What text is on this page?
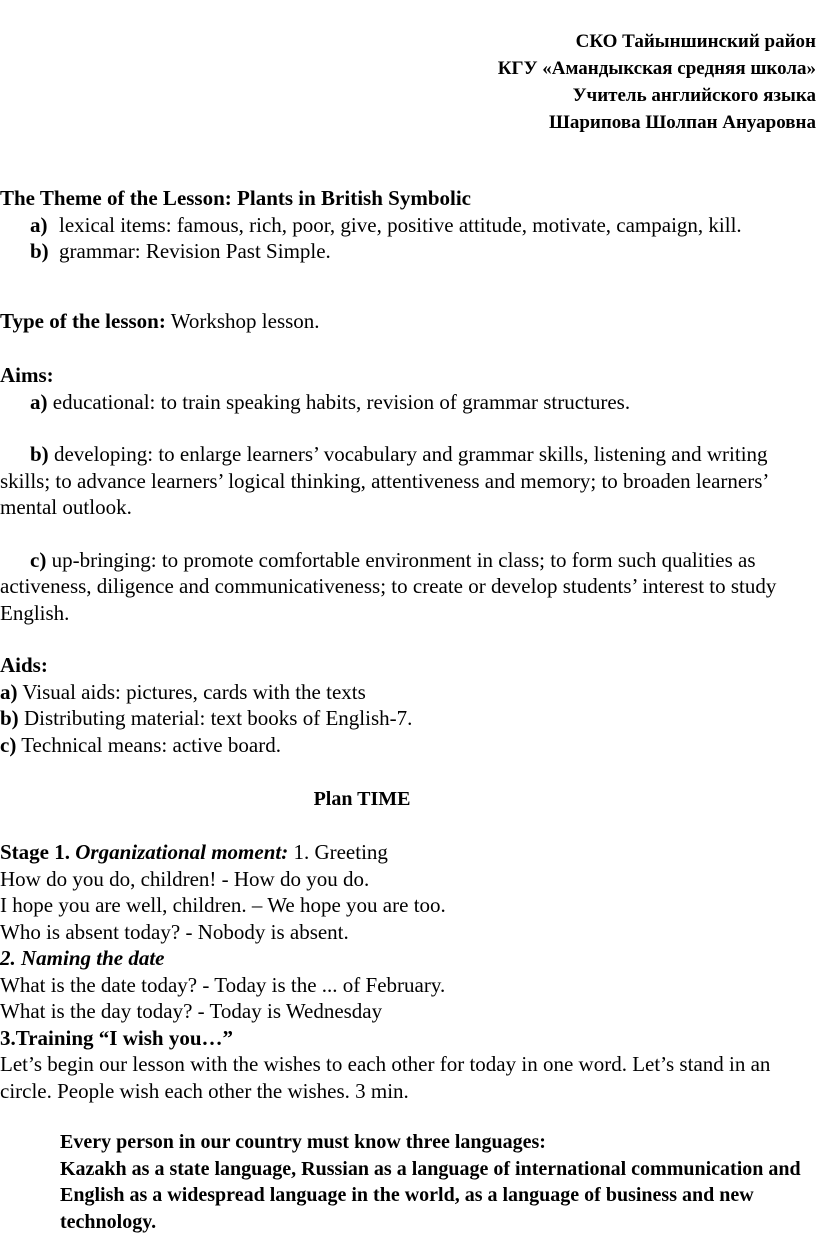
СКО Тайыншинский район
КГУ «Амандыкская средняя школа»
Учитель английского языка
Шарипова Шолпан Ануаровна
The Theme of the Lesson: Plants in British Symbolic
a) lexical items: famous, rich, poor, give, positive attitude, motivate, campaign, kill.
b) grammar: Revision Past Simple.
Type of the lesson: Workshop lesson.
Aims:
a) educational: to train speaking habits, revision of grammar structures.
b) developing: to enlarge learners’ vocabulary and grammar skills, listening and writing skills; to advance learners’ logical thinking, attentiveness and memory; to broaden learners’ mental outlook.
c) up-bringing: to promote comfortable environment in class; to form such qualities as activeness, diligence and communicativeness; to create or develop students’ interest to study English.
Aids:
a) Visual aids: pictures, cards with the texts
b) Distributing material: text books of English-7.
c) Technical means: active board.
Plan TIME
Stage 1. Organizational moment: 1. Greeting
How do you do, children! - How do you do.
I hope you are well, children. – We hope you are too.
Who is absent today? - Nobody is absent.
2. Naming the date
What is the date today? - Today is the ... of February.
What is the day today? - Today is Wednesday
3.Training “I wish you…”
Let’s begin our lesson with the wishes to each other for today in one word. Let’s stand in an circle. People wish each other the wishes. 3 min.
Every person in our country must know three languages:
Kazakh as a state language, Russian as a language of international communication and English as a widespread language in the world, as a language of business and new technology.
